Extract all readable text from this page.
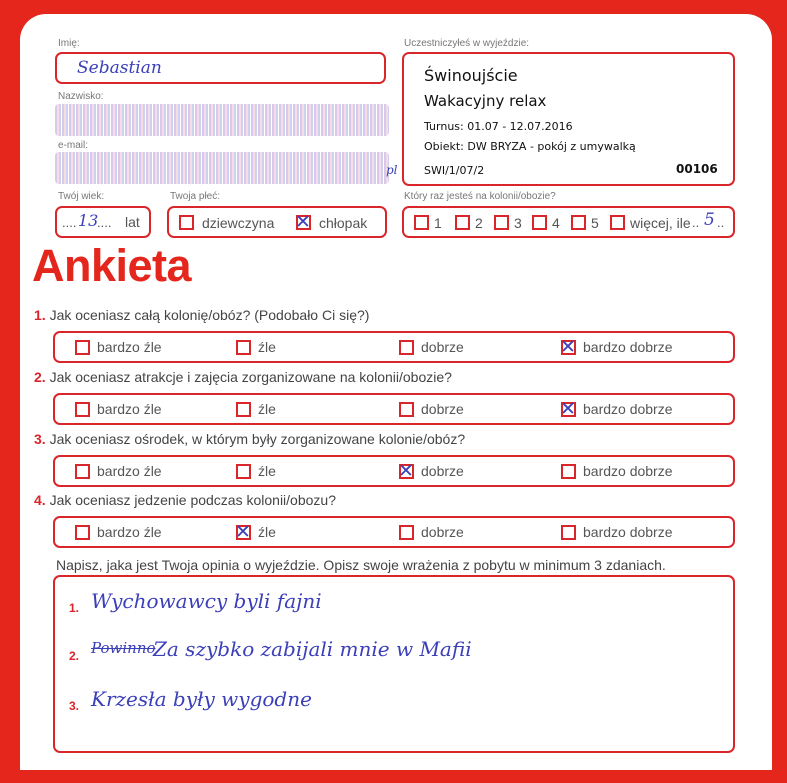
Imię:
Sebastian
Nazwisko:
e-mail:
pl
Twój wiek:
.... 13
.... lat
Twoja płeć:
dziewczyna ✕ chłopak
Uczestniczyłeś w wyjeździe:
Świnoujście
Wakacyjny relax
Turnus: 01.07 - 12.07.2016
Obiekt: DW BRYZA - pokój z umywalką
SWI/1/07/2	00106
Który raz jesteś na kolonii/obozie?
1 2 3 4 5 więcej, ile .. 5 ..
Ankieta
1. Jak oceniasz całą kolonię/obóz? (Podobało Ci się?)
bardzo źle	źle	dobrze	✕ bardzo dobrze
2. Jak oceniasz atrakcje i zajęcia zorganizowane na kolonii/obozie?
bardzo źle	źle	dobrze	✕ bardzo dobrze
3. Jak oceniasz ośrodek, w którym były zorganizowane kolonie/obóz?
bardzo źle	źle	✕ dobrze	bardzo dobrze
4. Jak oceniasz jedzenie podczas kolonii/obozu?
bardzo źle	✕ źle	dobrze	bardzo dobrze
Napisz, jaka jest Twoja opinia o wyjeździe. Opisz swoje wrażenia z pobytu w minimum 3 zdaniach.
1. Wychowawcy byli fajni
2. Powinno
Za szybko zabijali mnie w Mafii
3. Krzesła były wygodne
